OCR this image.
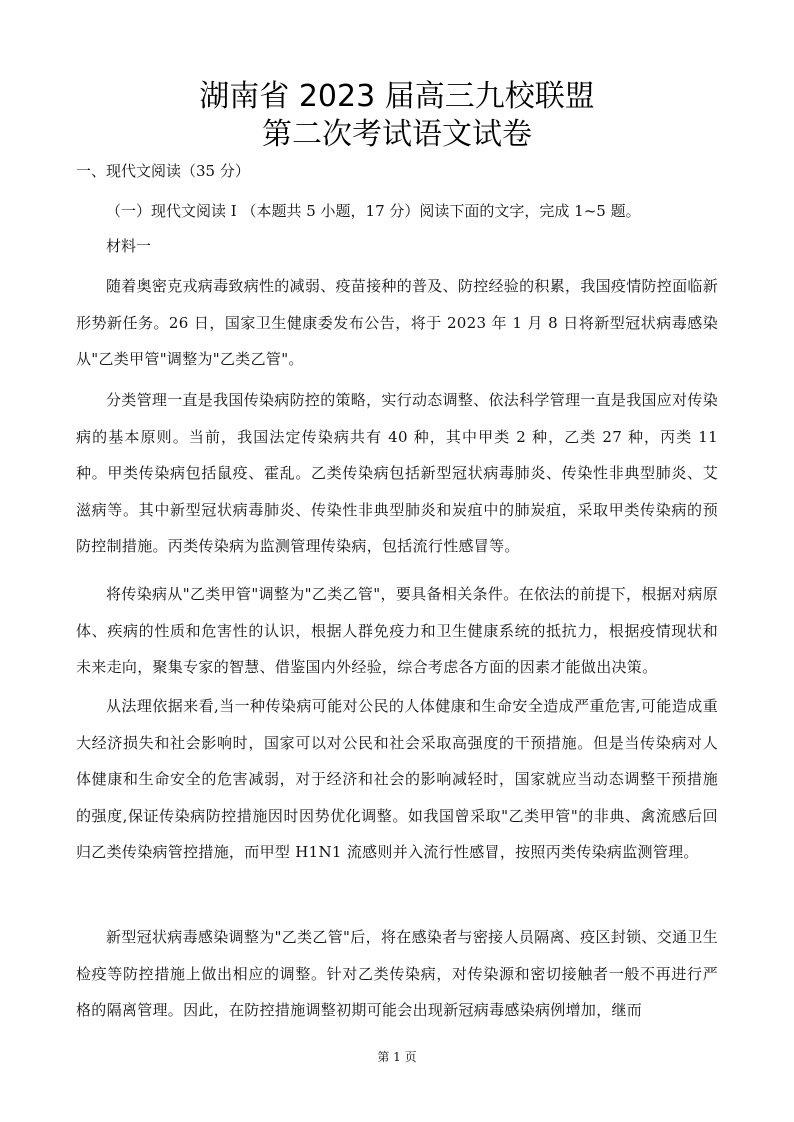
湖南省 2023 届高三九校联盟
第二次考试语文试卷
一、现代文阅读（35 分）
（一）现代文阅读 I （本题共 5 小题，17 分）阅读下面的文字，完成 1~5 题。
材料一
随着奥密克戎病毒致病性的减弱、疫苗接种的普及、防控经验的积累，我国疫情防控面临新形势新任务。26 日，国家卫生健康委发布公告，将于 2023 年 1 月 8 日将新型冠状病毒感染从"乙类甲管"调整为"乙类乙管"。
分类管理一直是我国传染病防控的策略，实行动态调整、依法科学管理一直是我国应对传染病的基本原则。当前，我国法定传染病共有 40 种，其中甲类 2 种，乙类 27 种，丙类 11 种。甲类传染病包括鼠疫、霍乱。乙类传染病包括新型冠状病毒肺炎、传染性非典型肺炎、艾滋病等。其中新型冠状病毒肺炎、传染性非典型肺炎和炭疽中的肺炭疽，采取甲类传染病的预防控制措施。丙类传染病为监测管理传染病，包括流行性感冒等。
将传染病从"乙类甲管"调整为"乙类乙管"，要具备相关条件。在依法的前提下，根据对病原体、疾病的性质和危害性的认识，根据人群免疫力和卫生健康系统的抵抗力，根据疫情现状和未来走向，聚集专家的智慧、借鉴国内外经验，综合考虑各方面的因素才能做出决策。
从法理依据来看,当一种传染病可能对公民的人体健康和生命安全造成严重危害,可能造成重大经济损失和社会影响时，国家可以对公民和社会采取高强度的干预措施。但是当传染病对人体健康和生命安全的危害减弱，对于经济和社会的影响减轻时，国家就应当动态调整干预措施的强度,保证传染病防控措施因时因势优化调整。如我国曾采取"乙类甲管"的非典、禽流感后回归乙类传染病管控措施，而甲型 H1N1 流感则并入流行性感冒，按照丙类传染病监测管理。
新型冠状病毒感染调整为"乙类乙管"后，将在感染者与密接人员隔离、疫区封锁、交通卫生检疫等防控措施上做出相应的调整。针对乙类传染病，对传染源和密切接触者一般不再进行严格的隔离管理。因此，在防控措施调整初期可能会出现新冠病毒感染病例增加，继而
第 1 页
